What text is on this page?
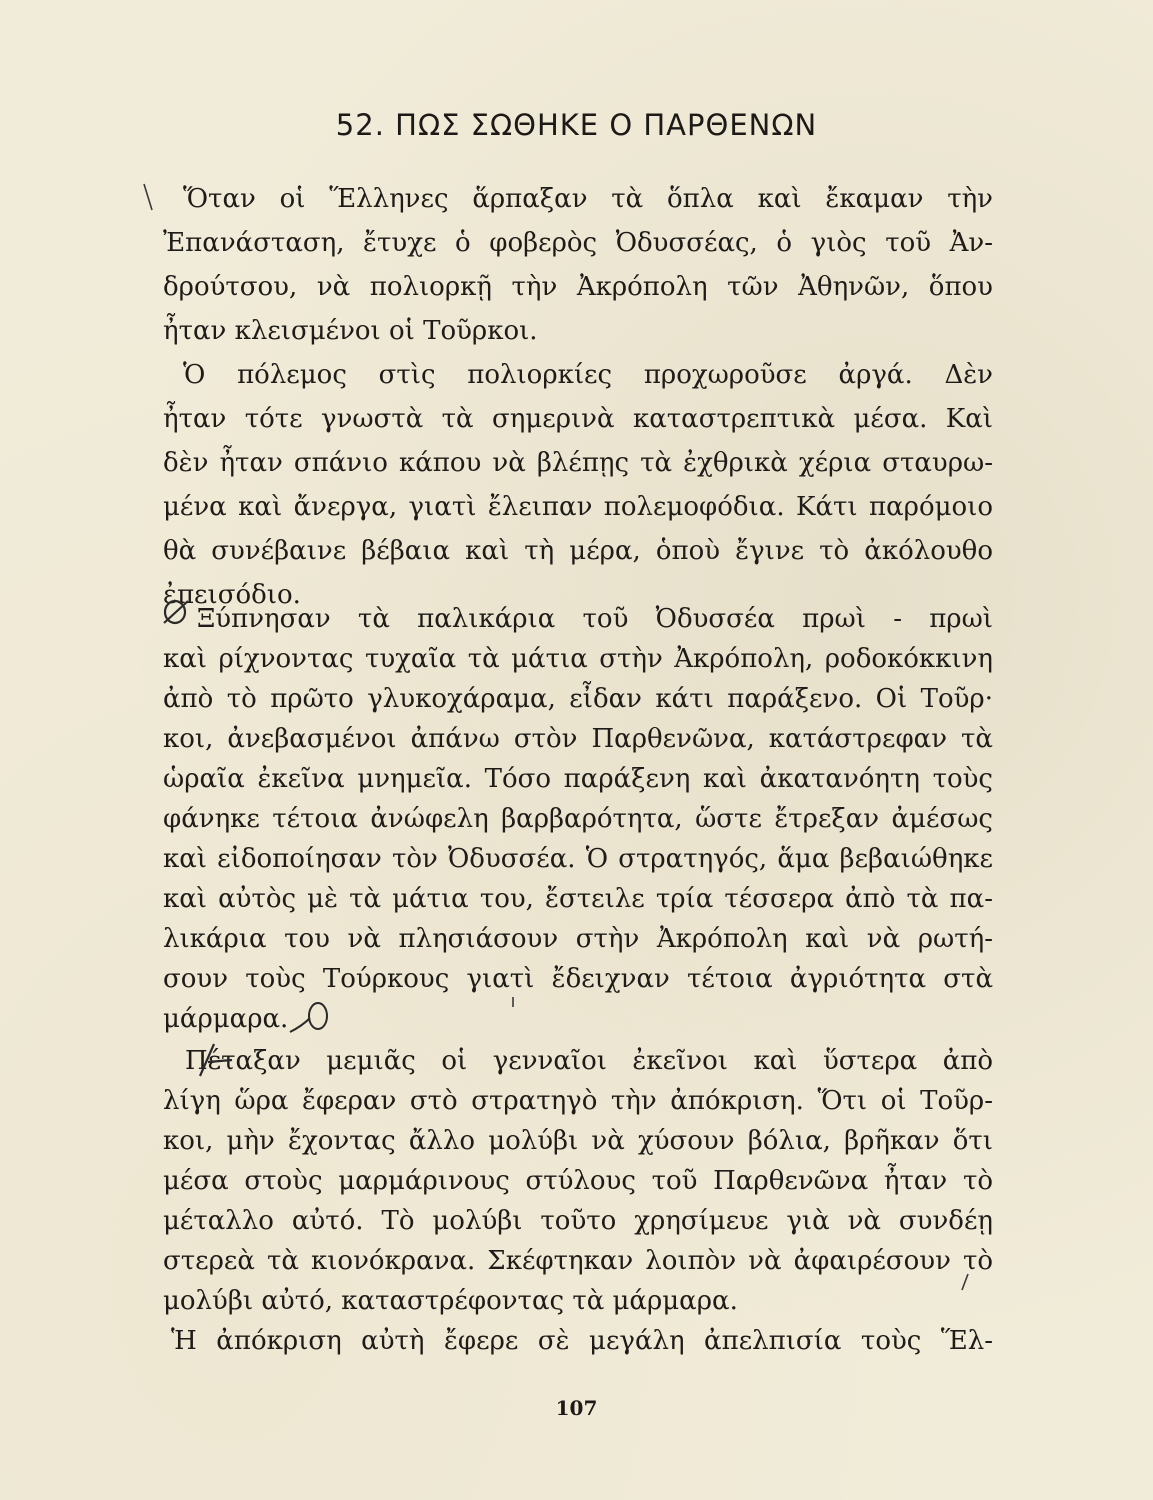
52. ΠΩΣ ΣΩΘΗΚΕ Ο ΠΑΡΘΕΝΩΝ
Ὅταν οἱ Ἕλληνες ἅρπαξαν τὰ ὅπλα καὶ ἔκαμαν τὴν
Ἐπανάσταση, ἔτυχε ὁ φοβερὸς Ὀδυσσέας, ὁ γιὸς τοῦ Ἀν-
δρούτσου, νὰ πολιορκῇ τὴν Ἀκρόπολη τῶν Ἀθηνῶν, ὅπου
ἦταν κλεισμένοι οἱ Τοῦρκοι.
Ὁ πόλεμος στὶς πολιορκίες προχωροῦσε ἀργά. Δὲν
ἦταν τότε γνωστὰ τὰ σημερινὰ καταστρεπτικὰ μέσα. Καὶ
δὲν ἦταν σπάνιο κάπου νὰ βλέπῃς τὰ ἐχθρικὰ χέρια σταυρω-
μένα καὶ ἄνεργα, γιατὶ ἔλειπαν πολεμοφόδια. Κάτι παρόμοιο
θὰ συνέβαινε βέβαια καὶ τὴ μέρα, ὁποὺ ἔγινε τὸ ἀκόλουθο
ἐπεισόδιο.
Ξύπνησαν τὰ παλικάρια τοῦ Ὀδυσσέα πρωὶ - πρωὶ
καὶ ρίχνοντας τυχαῖα τὰ μάτια στὴν Ἀκρόπολη, ροδοκόκκινη
ἀπὸ τὸ πρῶτο γλυκοχάραμα, εἶδαν κάτι παράξενο. Οἱ Τοῦρ·
κοι, ἀνεβασμένοι ἀπάνω στὸν Παρθενῶνα, κατάστρεφαν τὰ
ὡραῖα ἐκεῖνα μνημεῖα. Τόσο παράξενη καὶ ἀκατανόητη τοὺς
φάνηκε τέτοια ἀνώφελη βαρβαρότητα, ὥστε ἔτρεξαν ἀμέσως
καὶ εἰδοποίησαν τὸν Ὀδυσσέα. Ὁ στρατηγός, ἅμα βεβαιώθηκε
καὶ αὐτὸς μὲ τὰ μάτια του, ἔστειλε τρία τέσσερα ἀπὸ τὰ πα-
λικάρια του νὰ πλησιάσουν στὴν Ἀκρόπολη καὶ νὰ ρωτή-
σουν τοὺς Τούρκους γιατὶ ἔδειχναν τέτοια ἀγριότητα στὰ
μάρμαρα.
Πέταξαν μεμιᾶς οἱ γενναῖοι ἐκεῖνοι καὶ ὕστερα ἀπὸ
λίγη ὥρα ἔφεραν στὸ στρατηγὸ τὴν ἀπόκριση. Ὅτι οἱ Τοῦρ-
κοι, μὴν ἔχοντας ἄλλο μολύβι νὰ χύσουν βόλια, βρῆκαν ὅτι
μέσα στοὺς μαρμάρινους στύλους τοῦ Παρθενῶνα ἦταν τὸ
μέταλλο αὐτό. Τὸ μολύβι τοῦτο χρησίμευε γιὰ νὰ συνδέῃ
στερεὰ τὰ κιονόκρανα. Σκέφτηκαν λοιπὸν νὰ ἀφαιρέσουν τὸ
μολύβι αὐτό, καταστρέφοντας τὰ μάρμαρα.
Ἡ ἀπόκριση αὐτὴ ἔφερε σὲ μεγάλη ἀπελπισία τοὺς Ἕλ-
107
